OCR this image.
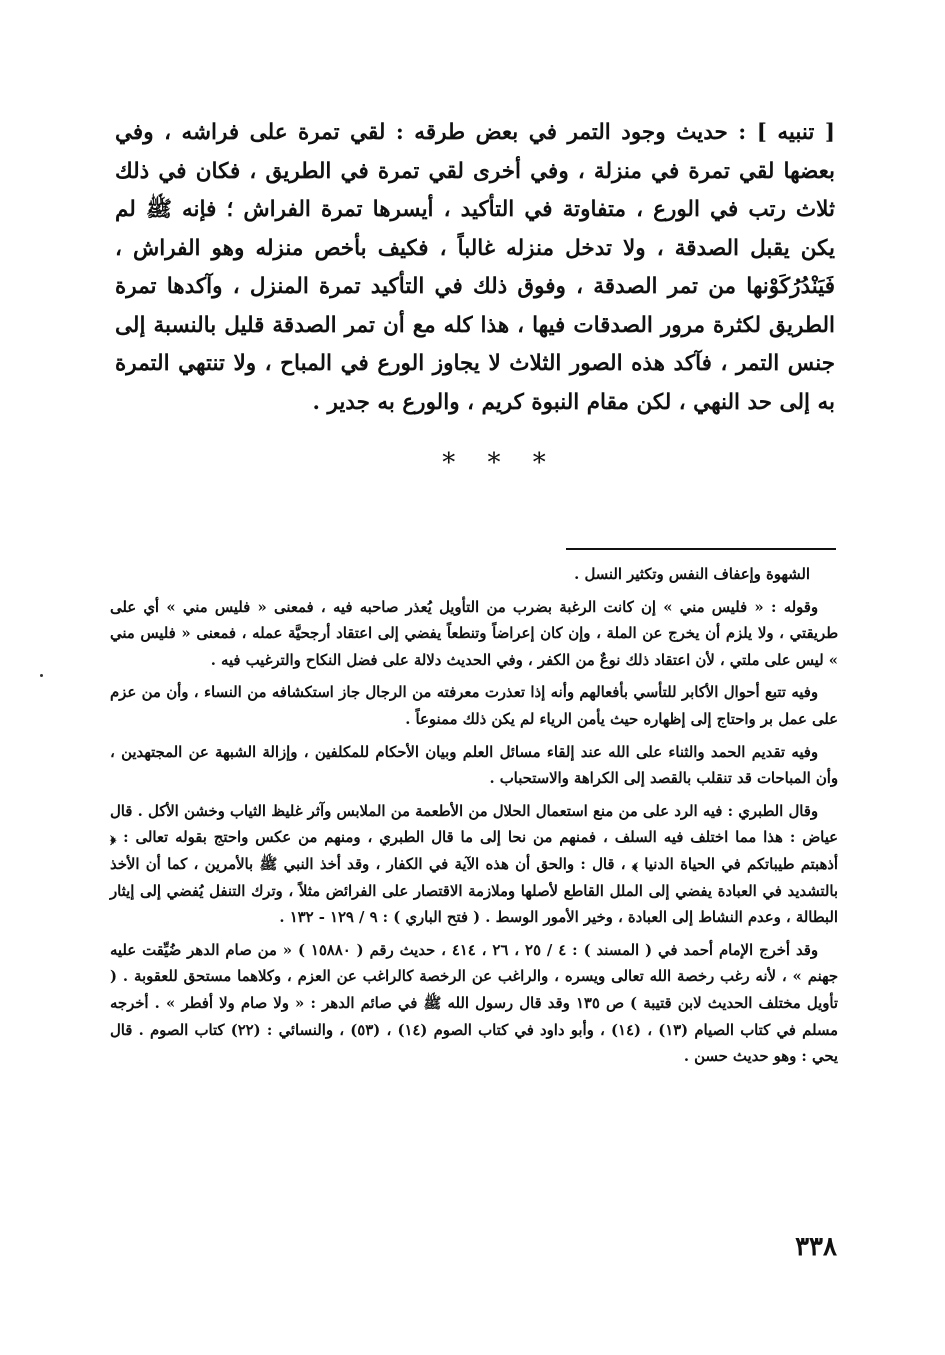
[ تنبيه ] : حديث وجود التمر في بعض طرقه : لقي تمرة على فراشه ، وفي بعضها لقي تمرة في منزلة ، وفي أخرى لقي تمرة في الطريق ، فكان في ذلك ثلاث رتب في الورع ، متفاوتة في التأكيد ، أيسرها تمرة الفراش ؛ فإنه ﷺ لم يكن يقبل الصدقة ، ولا تدخل منزله غالباً ، فكيف بأخص منزله وهو الفراش ، فَيَنْدُرُكَوْنها من تمر الصدقة ، وفوق ذلك في التأكيد تمرة المنزل ، وآكدها تمرة الطريق لكثرة مرور الصدقات فيها ، هذا كله مع أن تمر الصدقة قليل بالنسبة إلى جنس التمر ، فآكد هذه الصور الثلاث لا يجاوز الورع في المباح ، ولا تنتهي التمرة به إلى حد النهي ، لكن مقام النبوة كريم ، والورع به جدير .

* * *

الشهوة وإعفاف النفس وتكثير النسل .

وقوله : « فليس مني » إن كانت الرغبة بضرب من التأويل يُعذر صاحبه فيه ، فمعنى « فليس مني » أي على طريقتي ، ولا يلزم أن يخرج عن الملة ، وإن كان إعراضاً وتنطعاً يفضي إلى اعتقاد أرجحيَّة عمله ، فمعنى « فليس مني » ليس على ملتي ، لأن اعتقاد ذلك نوعٌ من الكفر ، وفي الحديث دلالة على فضل النكاح والترغيب فيه .

وفيه تتبع أحوال الأكابر للتأسي بأفعالهم وأنه إذا تعذرت معرفته من الرجال جاز استكشافه من النساء ، وأن من عزم على عمل بر واحتاج إلى إظهاره حيث يأمن الرياء لم يكن ذلك ممنوعاً .

وفيه تقديم الحمد والثناء على الله عند إلقاء مسائل العلم وبيان الأحكام للمكلفين ، وإزالة الشبهة عن المجتهدين ، وأن المباحات قد تنقلب بالقصد إلى الكراهة والاستحباب .

وقال الطبري : فيه الرد على من منع استعمال الحلال من الأطعمة من الملابس وآثر غليظ الثياب وخشن الأكل . قال عياض : هذا مما اختلف فيه السلف ، فمنهم من نحا إلى ما قال الطبري ، ومنهم من عكس واحتج بقوله تعالى : ﴿ أذهبتم طيباتكم في الحياة الدنيا ﴾ ، قال : والحق أن هذه الآية في الكفار ، وقد أخذ النبي ﷺ بالأمرين ، كما أن الأخذ بالتشديد في العبادة يفضي إلى الملل القاطع لأصلها وملازمة الاقتصار على الفرائض مثلاً ، وترك التنفل يُفضي إلى إيثار البطالة ، وعدم النشاط إلى العبادة ، وخير الأمور الوسط . ( فتح الباري ) : ٩ / ١٢٩ - ١٣٢ .

وقد أخرج الإمام أحمد في ( المسند ) : ٤ / ٢٥ ، ٢٦ ، ٤١٤ ، حديث رقم ( ١٥٨٨٠ ) « من صام الدهر ضُيِّقت عليه جهنم » ، لأنه رغب رخصة الله تعالى ويسره ، والراغب عن الرخصة كالراغب عن العزم ، وكلاهما مستحق للعقوبة . ( تأويل مختلف الحديث لابن قتيبة ) ص ١٣٥ وقد قال رسول الله ﷺ في صائم الدهر : « ولا صام ولا أفطر » . أخرجه مسلم في كتاب الصيام (١٣) ، (١٤) ، وأبو داود في كتاب الصوم (١٤) ، (٥٣) ، والنسائي : (٢٢) كتاب الصوم . قال يحي : وهو حديث حسن .

٣٣٨
